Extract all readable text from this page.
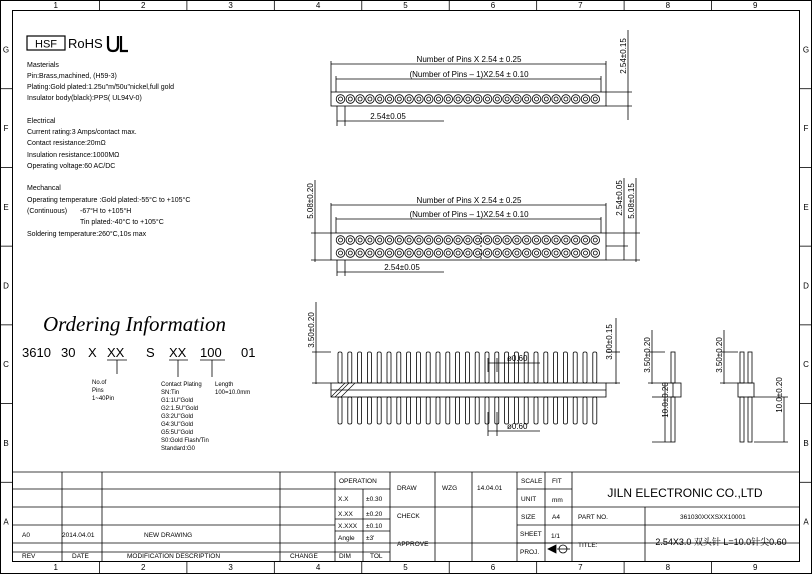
1
1
2
2
3
3
4
4
5
5
6
6
7
7
8
8
9
9
G	G
F	F
E	E
D	D
C	C
B	B
A	A
HSF RoHS
Masterials
Pin:Brass,machined, (H59-3)
Plating:Gold plated:1.25u"m/50u"nickel,full gold
Insulator body(black):PPS( UL94V-0)
Electrical
Current rating:3 Amps/contact max.
Contact resistance:20mΩ
Insulation resistance:1000MΩ
Operating voltage:60 AC/DC
Mechancal
Operating temperature :Gold plated:-55°C to +105°C
(Continuous) -67°H to +105°H
Tin plated:-40°C to +105°C
Soldering temperature:260°C,10s max
Ordering Information
3610 30 X XX S XX 100 01
No.of
Pins
1~40Pin
Contact Plating
SN:Tin
G1:1U"Gold
G2:1.5U"Gold
G3:2U"Gold
G4:3U"Gold
G5:5U"Gold
S0:Gold Flash/Tin
Standard:G0
Length
100=10.0mm
Number of Pins X 2.54 ± 0.25
(Number of Pins – 1)X2.54 ± 0.10
2.54±0.05
2.54±0.15
Number of Pins X 2.54 ± 0.25
(Number of Pins – 1)X2.54 ± 0.10
2.54±0.05
5.08±0.20	2.54±0.05 5.08±0.15
3.50±0.20
ø0.60
ø0.60
3.00±0.15	3.50±0.20
10.0±0.20
3.50±0.20
10.0±0.20
OPERATION
DRAW	WZG	14.04.01
SCALE FIT
UNIT mm
X.X	±0.30
X.XX ±0.20
X.XXX ±0.10
Angle ±3'
CHECK
APPROVE
SIZE	A4
SHEET 1/1
PROJ.
PART NO.	361030XXXSXX10001
TITLE:
A0	2014.04.01	NEW DRAWING
REV	DATE	MODIFICATION DESCRIPTION	CHANGE	DIM	TOL
JILN ELECTRONIC CO.,LTD
2.54X3.0 双头针 L=10.0针尖0.60
